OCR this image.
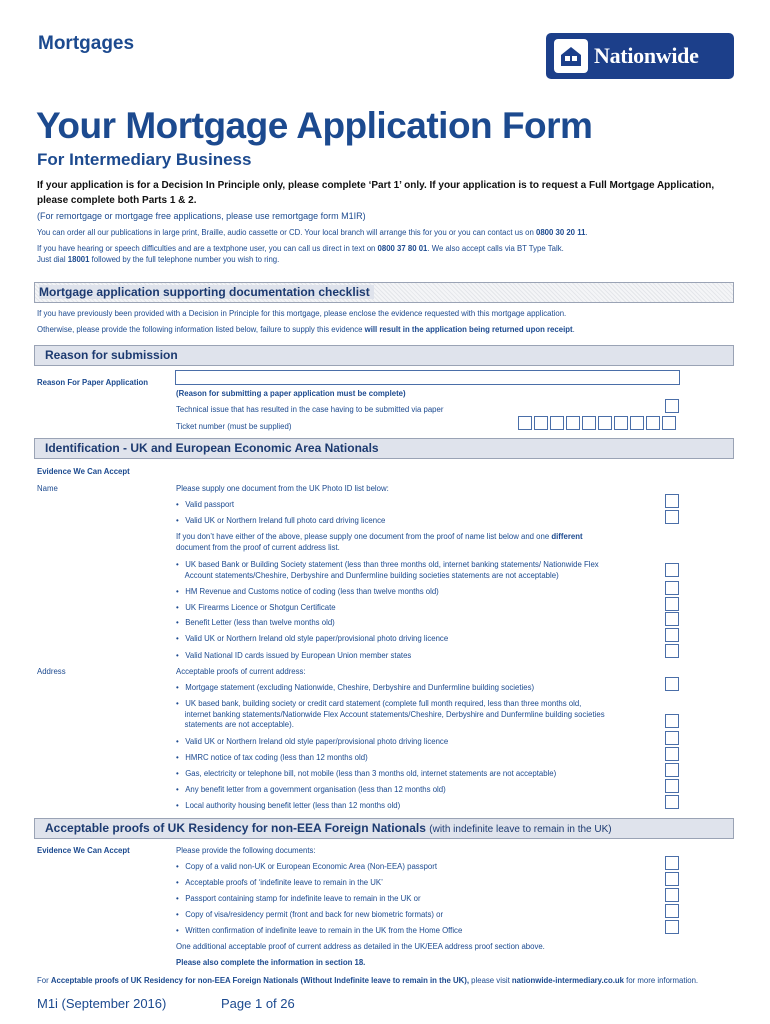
Mortgages	Nationwide
Your Mortgage Application Form
For Intermediary Business
If your application is for a Decision In Principle only, please complete ‘Part 1’ only. If your application is to request a Full Mortgage Application, please complete both Parts 1 & 2.
(For remortgage or mortgage free applications, please use remortgage form M1IR)
You can order all our publications in large print, Braille, audio cassette or CD. Your local branch will arrange this for you or you can contact us on 0800 30 20 11.
If you have hearing or speech difficulties and are a textphone user, you can call us direct in text on 0800 37 80 01. We also accept calls via BT Type Talk.
Just dial 18001 followed by the full telephone number you wish to ring.
Mortgage application supporting documentation checklist
If you have previously been provided with a Decision in Principle for this mortgage, please enclose the evidence requested with this mortgage application.
Otherwise, please provide the following information listed below, failure to supply this evidence will result in the application being returned upon receipt.
Reason for submission
Reason For Paper Application
(Reason for submitting a paper application must be complete)
Technical issue that has resulted in the case having to be submitted via paper
Ticket number (must be supplied)
Identification - UK and European Economic Area Nationals
Evidence We Can Accept
Name	Please supply one document from the UK Photo ID list below:
•   Valid passport
•   Valid UK or Northern Ireland full photo card driving licence
If you don’t have either of the above, please supply one document from the proof of name list below and one different
document from the proof of current address list.
•   UK based Bank or Building Society statement (less than three months old, internet banking statements/ Nationwide Flex
Account statements/Cheshire, Derbyshire and Dunfermline building societies statements are not acceptable)
•   HM Revenue and Customs notice of coding (less than twelve months old)
•   UK Firearms Licence or Shotgun Certificate
•   Benefit Letter (less than twelve months old)
•   Valid UK or Northern Ireland old style paper/provisional photo driving licence
•   Valid National ID cards issued by European Union member states
Address	Acceptable proofs of current address:
•   Mortgage statement (excluding Nationwide, Cheshire, Derbyshire and Dunfermline building societies)
•   UK based bank, building society or credit card statement (complete full month required, less than three months old,
internet banking statements/Nationwide Flex Account statements/Cheshire, Derbyshire and Dunfermline building societies
statements are not acceptable).
•   Valid UK or Northern Ireland old style paper/provisional photo driving licence
•   HMRC notice of tax coding (less than 12 months old)
•   Gas, electricity or telephone bill, not mobile (less than 3 months old, internet statements are not acceptable)
•   Any benefit letter from a government organisation (less than 12 months old)
•   Local authority housing benefit letter (less than 12 months old)
Acceptable proofs of UK Residency for non-EEA Foreign Nationals (with indefinite leave to remain in the UK)
Evidence We Can Accept	Please provide the following documents:
•   Copy of a valid non-UK or European Economic Area (Non-EEA) passport
•   Acceptable proofs of ‘indefinite leave to remain in the UK’
•   Passport containing stamp for indefinite leave to remain in the UK or
•   Copy of visa/residency permit (front and back for new biometric formats) or
•   Written confirmation of indefinite leave to remain in the UK from the Home Office
One additional acceptable proof of current address as detailed in the UK/EEA address proof section above.
Please also complete the information in section 18.
For Acceptable proofs of UK Residency for non-EEA Foreign Nationals (Without Indefinite leave to remain in the UK), please visit nationwide-intermediary.co.uk for more information.
M1i (September 2016)	Page 1 of 26
